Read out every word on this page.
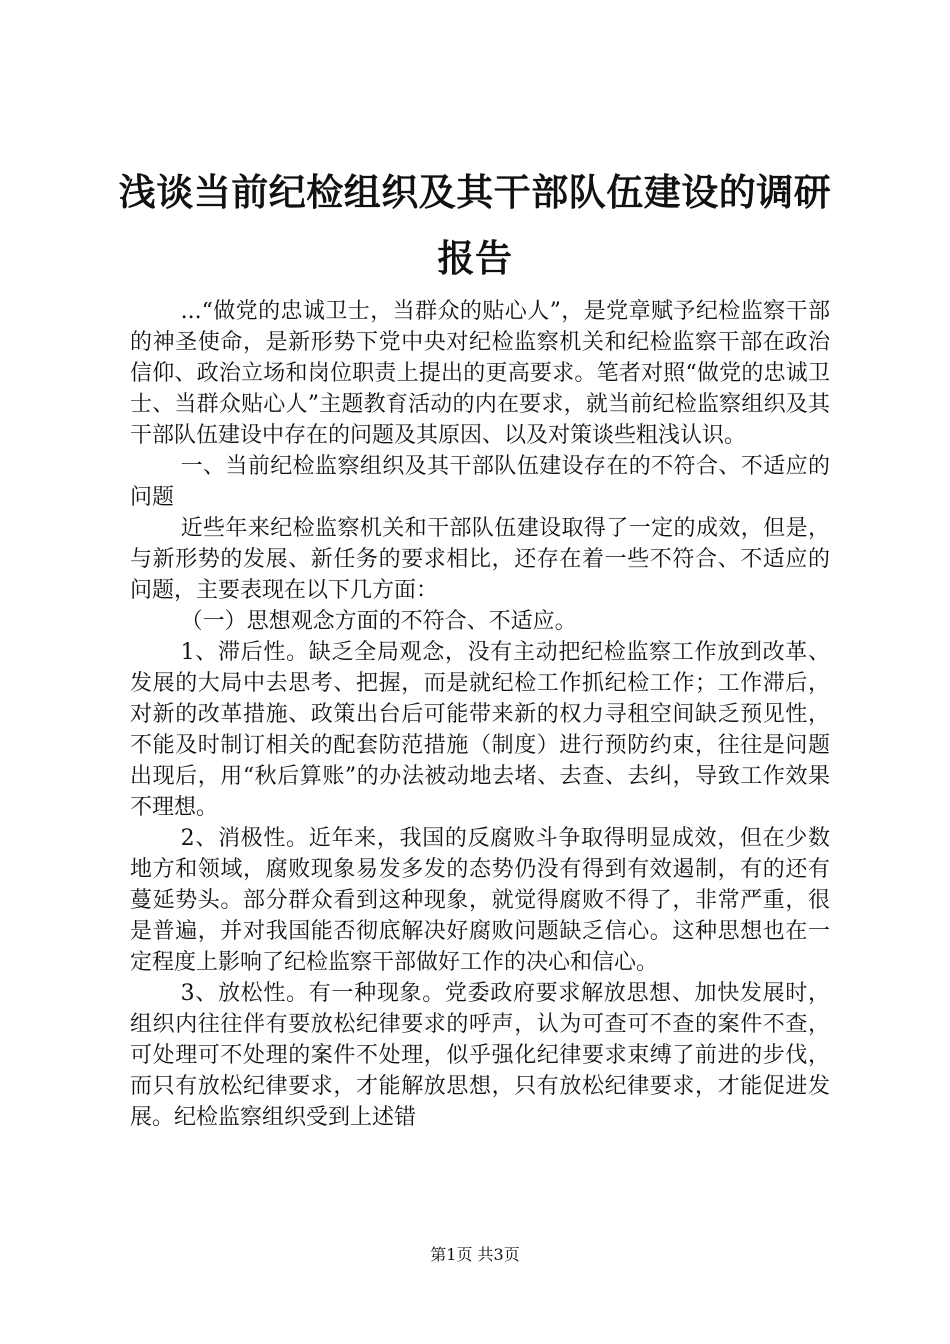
浅谈当前纪检组织及其干部队伍建设的调研报告

...“做党的忠诚卫士，当群众的贴心人”，是党章赋予纪检监察干部的神圣使命，是新形势下党中央对纪检监察机关和纪检监察干部在政治信仰、政治立场和岗位职责上提出的更高要求。笔者对照“做党的忠诚卫士、当群众贴心人”主题教育活动的内在要求，就当前纪检监察组织及其干部队伍建设中存在的问题及其原因、以及对策谈些粗浅认识。

一、当前纪检监察组织及其干部队伍建设存在的不符合、不适应的问题

近些年来纪检监察机关和干部队伍建设取得了一定的成效，但是，与新形势的发展、新任务的要求相比，还存在着一些不符合、不适应的问题，主要表现在以下几方面：

（一）思想观念方面的不符合、不适应。

1、滞后性。缺乏全局观念，没有主动把纪检监察工作放到改革、发展的大局中去思考、把握，而是就纪检工作抓纪检工作；工作滞后，对新的改革措施、政策出台后可能带来新的权力寻租空间缺乏预见性，不能及时制订相关的配套防范措施（制度）进行预防约束，往往是问题出现后，用“秋后算账”的办法被动地去堵、去查、去纠，导致工作效果不理想。

2、消极性。近年来，我国的反腐败斗争取得明显成效，但在少数地方和领域，腐败现象易发多发的态势仍没有得到有效遏制，有的还有蔓延势头。部分群众看到这种现象，就觉得腐败不得了，非常严重，很是普遍，并对我国能否彻底解决好腐败问题缺乏信心。这种思想也在一定程度上影响了纪检监察干部做好工作的决心和信心。

3、放松性。有一种现象。党委政府要求解放思想、加快发展时，组织内往往伴有要放松纪律要求的呼声，认为可查可不查的案件不查，可处理可不处理的案件不处理，似乎强化纪律要求束缚了前进的步伐，而只有放松纪律要求，才能解放思想，只有放松纪律要求，才能促进发展。纪检监察组织受到上述错

第1页 共3页
